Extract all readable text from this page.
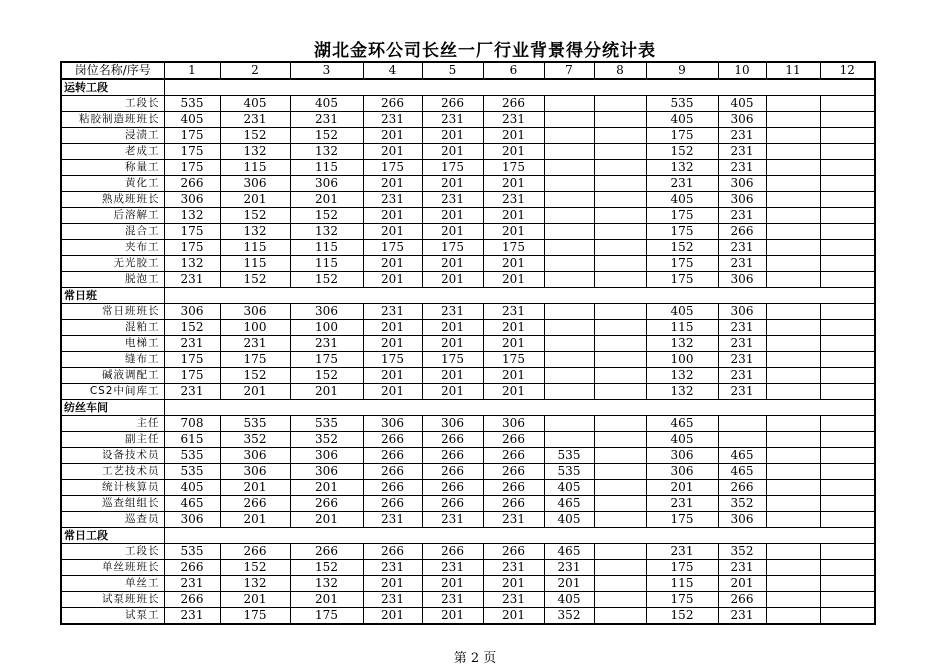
湖北金环公司长丝一厂行业背景得分统计表
岗位名称/序号	1	2	3	4	5	6	7	8	9	10	11	12
运转工段												
工段长	535	405	405	266	266	266			535	405		
粘胶制造班班长	405	231	231	231	231	231			405	306		
浸渍工	175	152	152	201	201	201			175	231		
老成工	175	132	132	201	201	201			152	231		
称量工	175	115	115	175	175	175			132	231		
黄化工	266	306	306	201	201	201			231	306		
熟成班班长	306	201	201	231	231	231			405	306		
后溶解工	132	152	152	201	201	201			175	231		
混合工	175	132	132	201	201	201			175	266		
夹布工	175	115	115	175	175	175			152	231		
无光胶工	132	115	115	201	201	201			175	231		
脱泡工	231	152	152	201	201	201			175	306		
常日班												
常日班班长	306	306	306	231	231	231			405	306		
混粕工	152	100	100	201	201	201			115	231		
电梯工	231	231	231	201	201	201			132	231		
缝布工	175	175	175	175	175	175			100	231		
碱液调配工	175	152	152	201	201	201			132	231		
CS2中间库工	231	201	201	201	201	201			132	231		
纺丝车间												
主任	708	535	535	306	306	306			465			
副主任	615	352	352	266	266	266			405			
设备技术员	535	306	306	266	266	266	535		306	465		
工艺技术员	535	306	306	266	266	266	535		306	465		
统计核算员	405	201	201	266	266	266	405		201	266		
巡查组组长	465	266	266	266	266	266	465		231	352		
巡查员	306	201	201	231	231	231	405		175	306		
常日工段												
工段长	535	266	266	266	266	266	465		231	352		
单丝班班长	266	152	152	231	231	231	231		175	231		
单丝工	231	132	132	201	201	201	201		115	201		
试泵班班长	266	201	201	231	231	231	405		175	266		
试泵工	231	175	175	201	201	201	352		152	231		
第 2 页
